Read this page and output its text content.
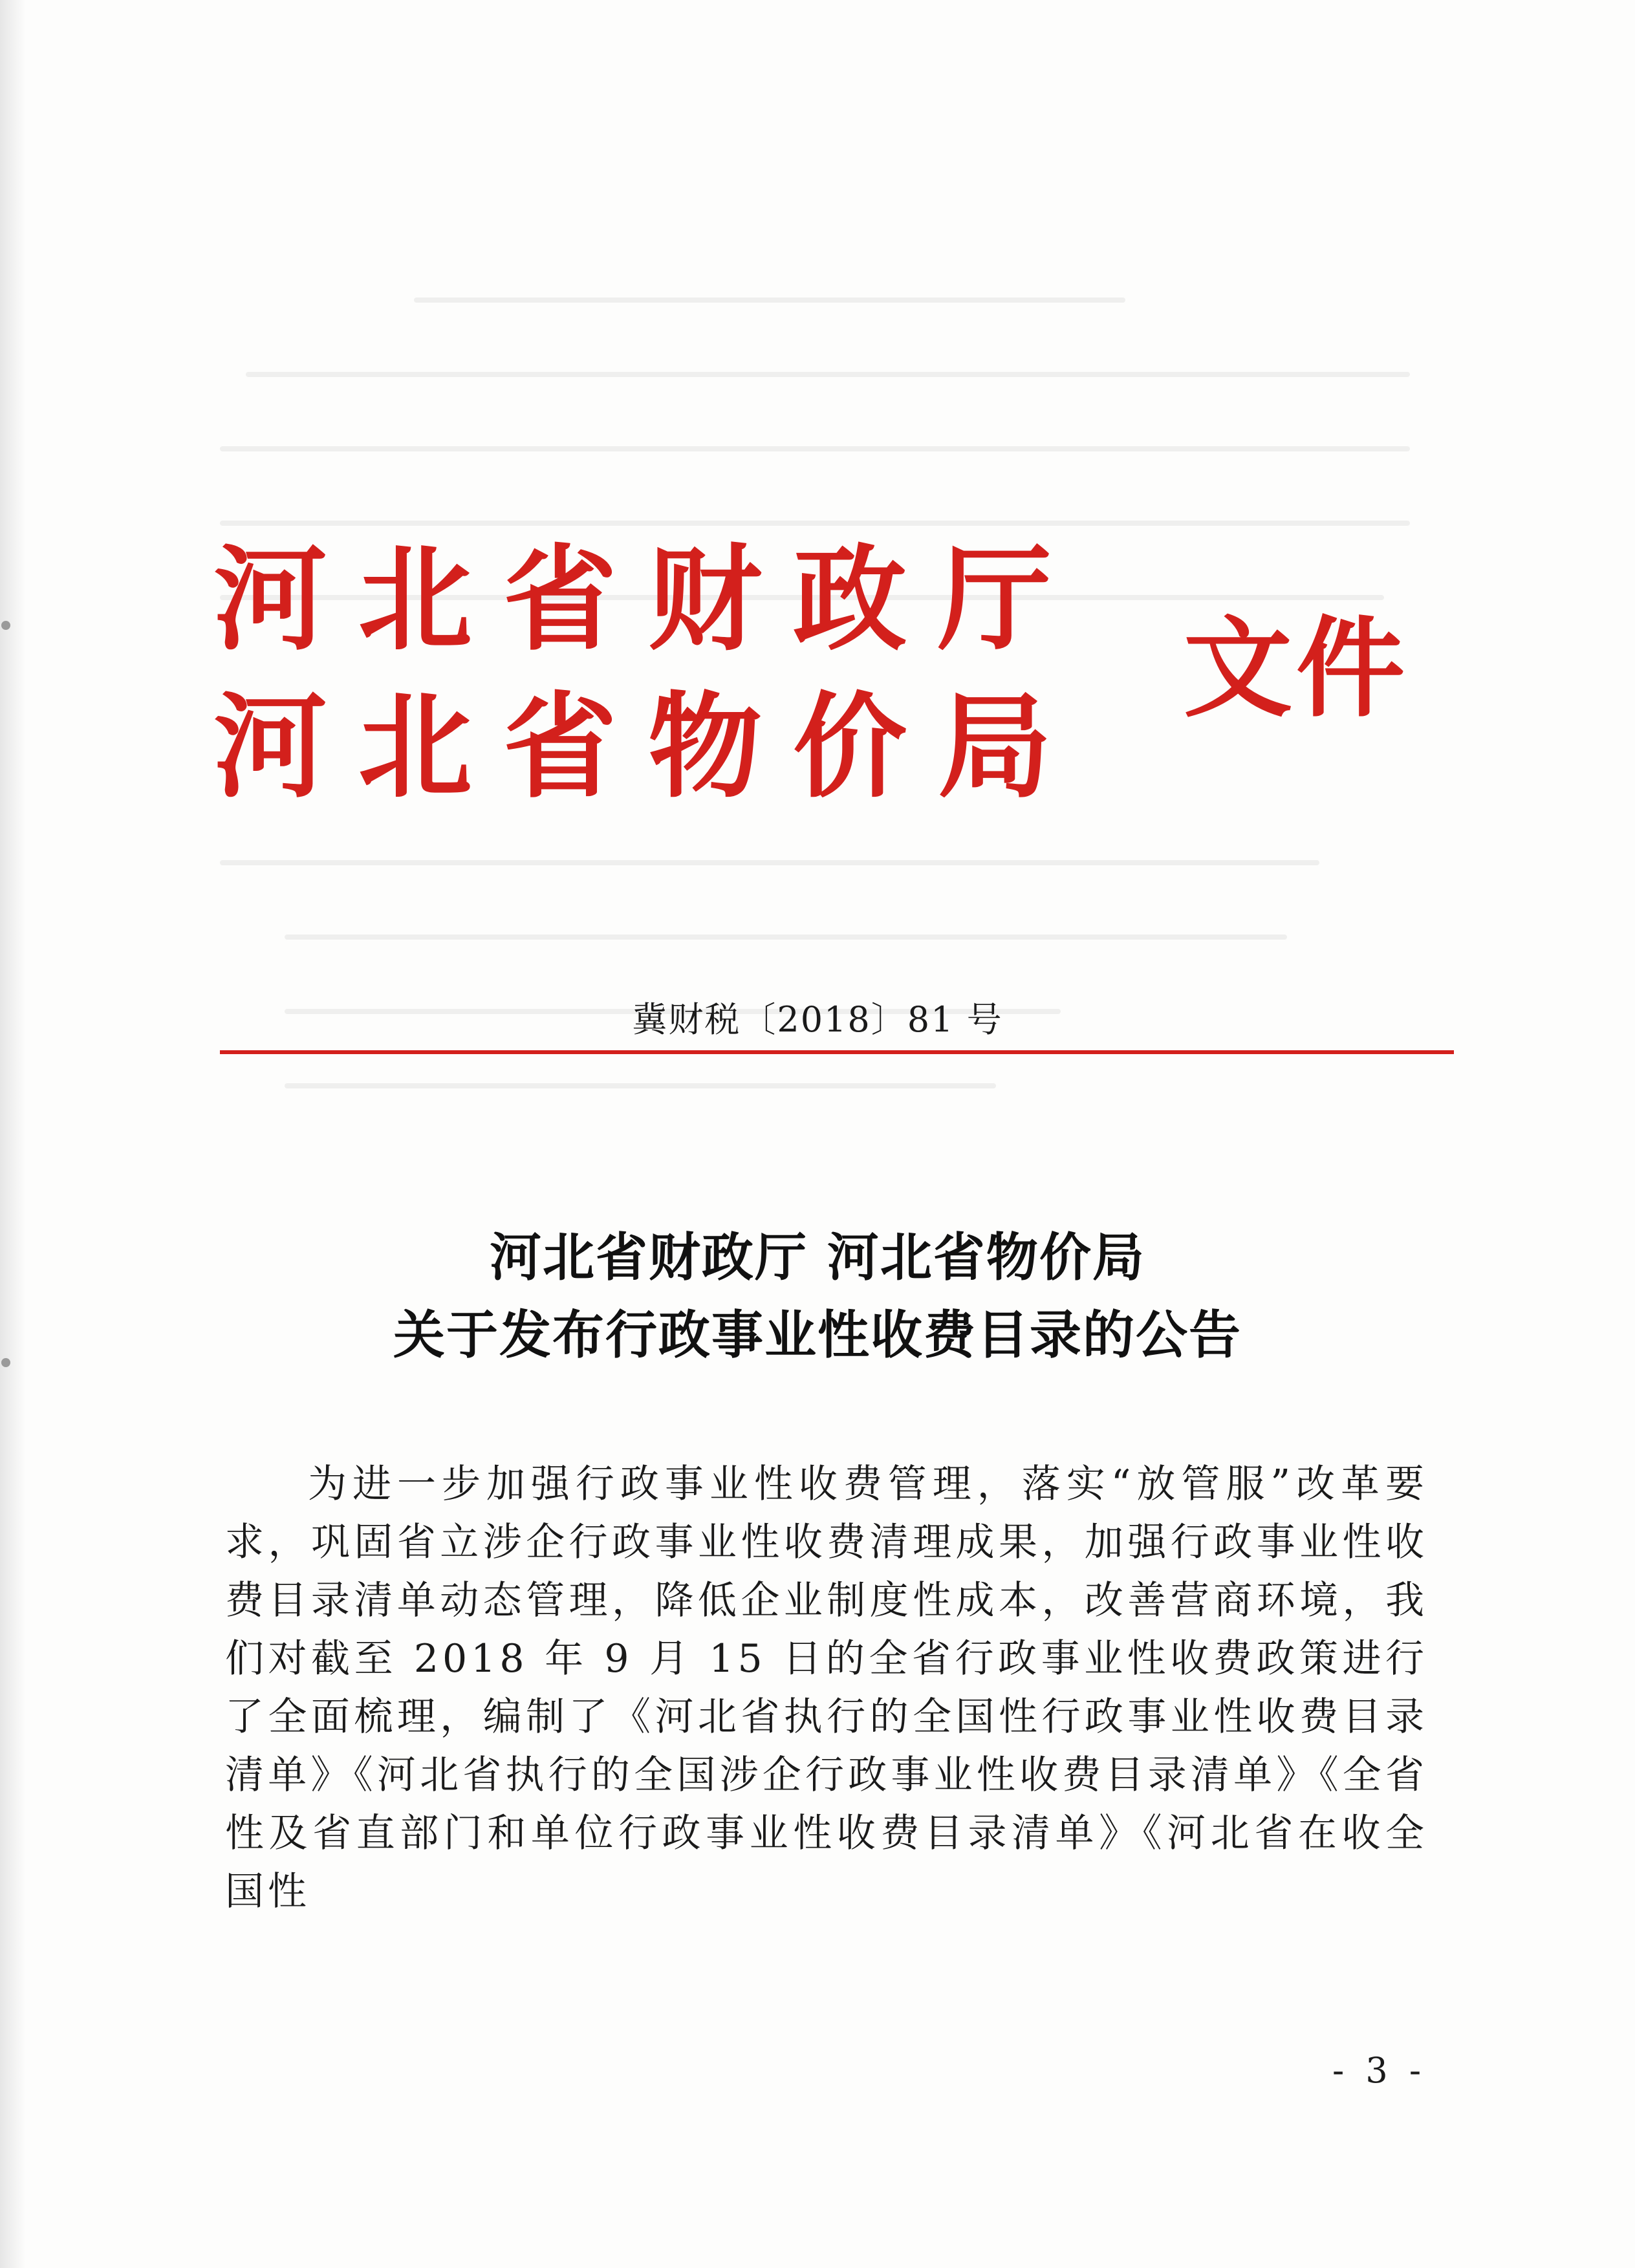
河北省财政厅
河北省物价局
文件
冀财税〔2018〕81 号
河北省财政厅 河北省物价局
关于发布行政事业性收费目录的公告
为进一步加强行政事业性收费管理，落实“放管服”改革要求，巩固省立涉企行政事业性收费清理成果，加强行政事业性收费目录清单动态管理，降低企业制度性成本，改善营商环境，我们对截至 2018 年 9 月 15 日的全省行政事业性收费政策进行了全面梳理，编制了《河北省执行的全国性行政事业性收费目录清单》《河北省执行的全国涉企行政事业性收费目录清单》《全省性及省直部门和单位行政事业性收费目录清单》《河北省在收全国性
- 3 -
